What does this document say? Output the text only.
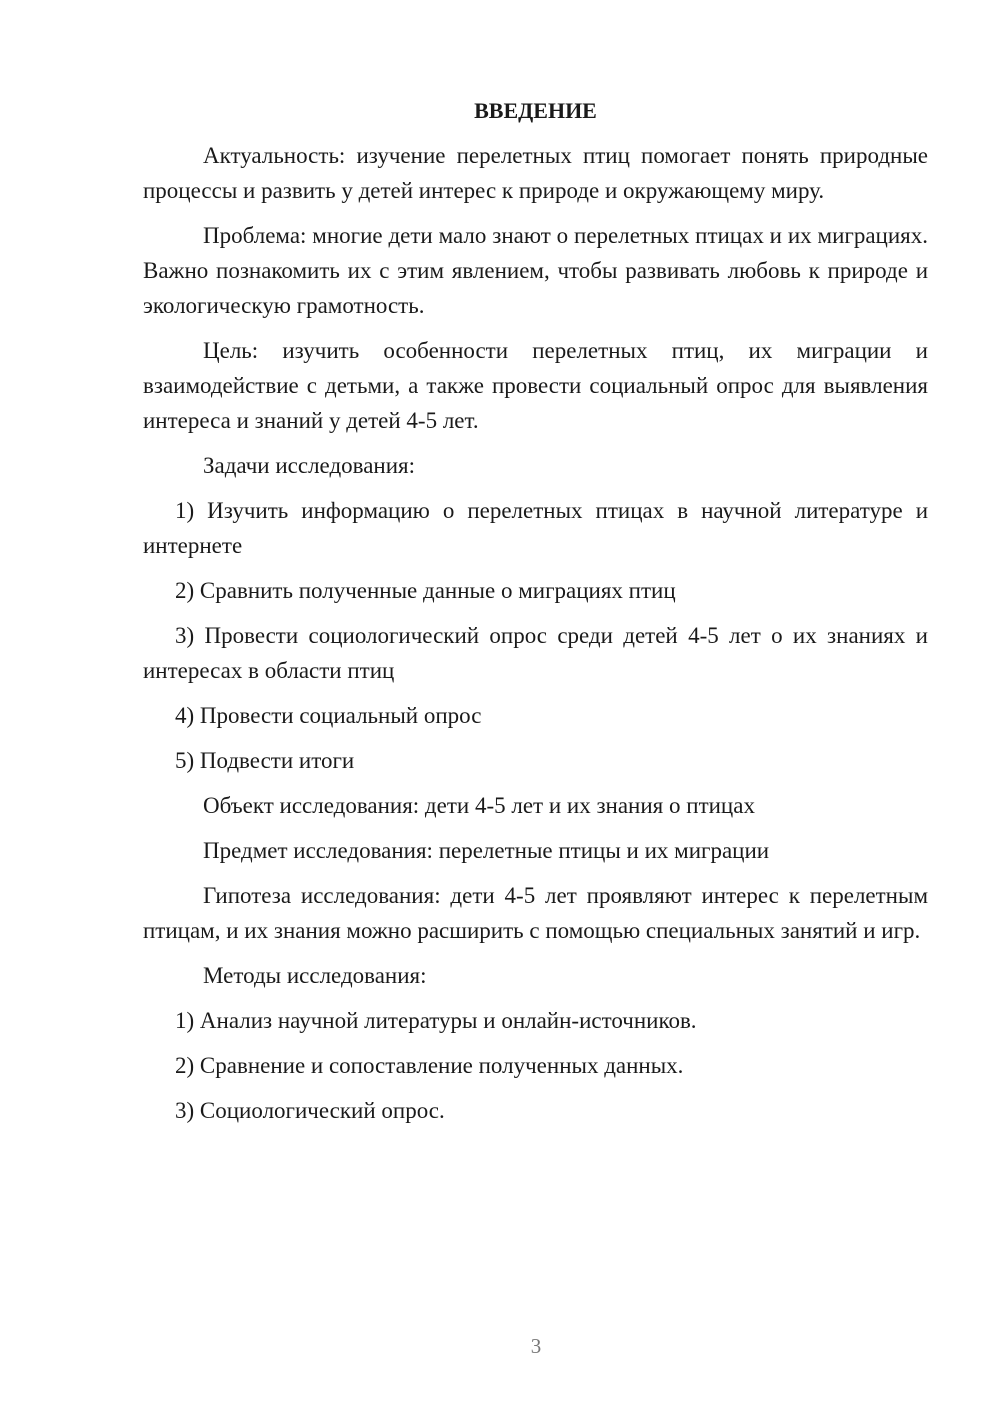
ВВЕДЕНИЕ

Актуальность: изучение перелетных птиц помогает понять природные процессы и развить у детей интерес к природе и окружающему миру.

Проблема: многие дети мало знают о перелетных птицах и их миграциях. Важно познакомить их с этим явлением, чтобы развивать любовь к природе и экологическую грамотность.

Цель: изучить особенности перелетных птиц, их миграции и взаимодействие с детьми, а также провести социальный опрос для выявления интереса и знаний у детей 4-5 лет.

Задачи исследования:

1) Изучить информацию о перелетных птицах в научной литературе и интернете

2) Сравнить полученные данные о миграциях птиц

3) Провести социологический опрос среди детей 4-5 лет о их знаниях и интересах в области птиц

4) Провести социальный опрос

5) Подвести итоги

Объект исследования: дети 4-5 лет и их знания о птицах

Предмет исследования: перелетные птицы и их миграции

Гипотеза исследования: дети 4-5 лет проявляют интерес к перелетным птицам, и их знания можно расширить с помощью специальных занятий и игр.

Методы исследования:

1) Анализ научной литературы и онлайн-источников.

2) Сравнение и сопоставление полученных данных.

3) Социологический опрос.

3
